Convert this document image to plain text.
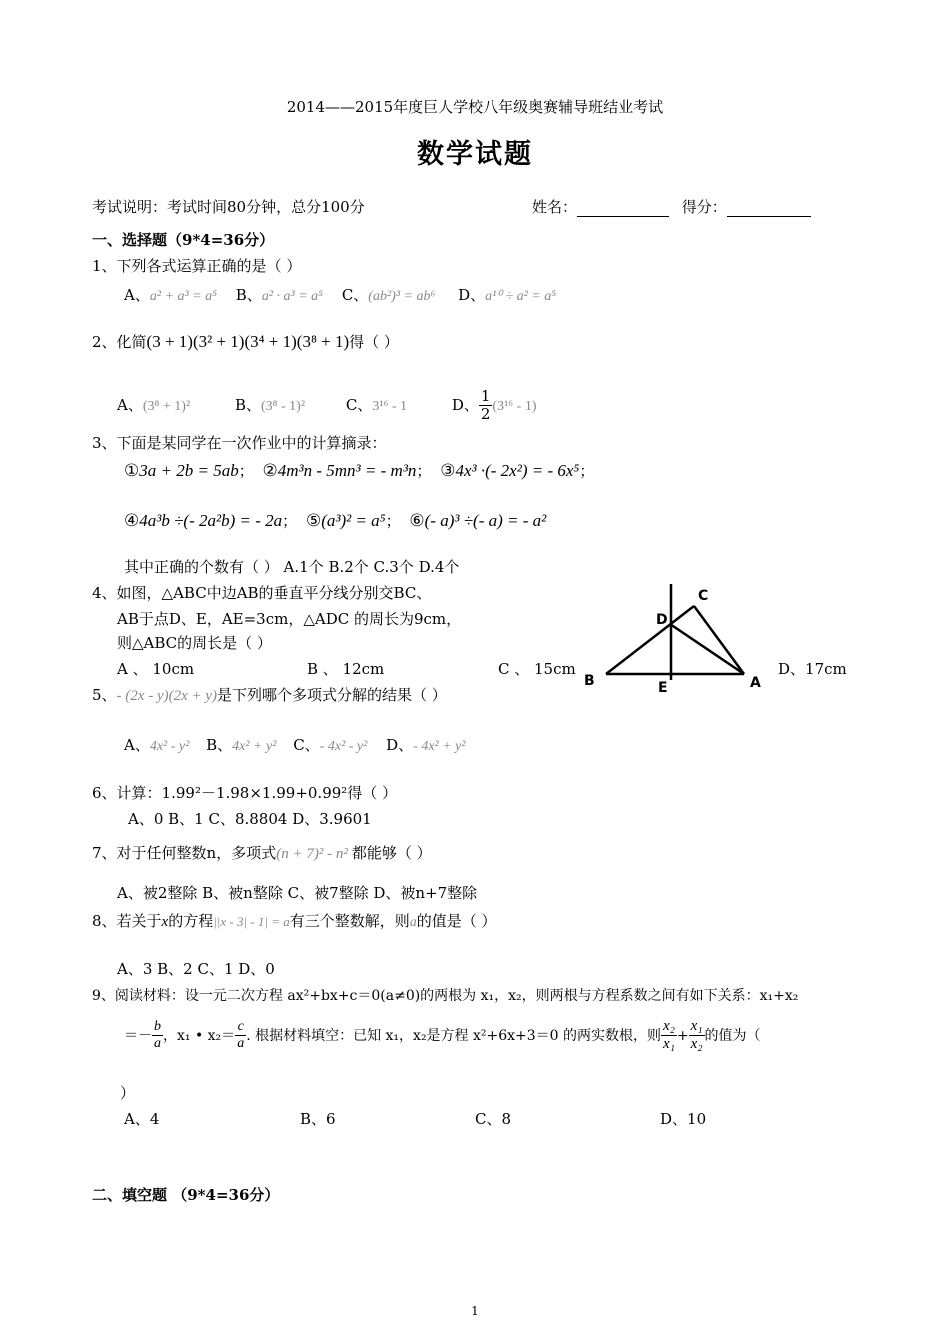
2014——2015年度巨人学校八年级奥赛辅导班结业考试
数学试题
考试说明：考试时间80分钟，总分100分	姓名：	得分：
一、选择题（9*4=36分）
1、下列各式运算正确的是（ ）
A、a² + a³ = a⁵ B、a² · a³ = a⁵ C、(ab²)³ = ab⁶ D、a¹⁰ ÷ a² = a⁵
2、化简(3 + 1)(3² + 1)(3⁴ + 1)(3⁸ + 1)得（ ）
A、(3⁸ + 1)²	B、(3⁸ - 1)²	C、3¹⁶ - 1	D、 $\frac{1}{2} (3^{16} - 1)$
3、下面是某同学在一次作业中的计算摘录：
①3a + 2b = 5ab； ②4m³n - 5mn³ = - m³n； ③4x³ ·(- 2x²) = - 6x⁵；
④4a³b ÷(- 2a²b) = - 2a； ⑤(a³)² = a⁵； ⑥(- a)³ ÷(- a) = - a²
其中正确的个数有（ ） A.1个 B.2个 C.3个 D.4个
4、如图，△ABC中边AB的垂直平分线分别交BC、
AB于点D、E，AE=3cm，△ADC 的周长为9cm，
则△ABC的周长是（ ）
A 、 10cm	B 、 12cm	C 、 15cm	D、17cm
C
D
B	E	A
5、- (2x - y)(2x + y)是下列哪个多项式分解的结果（ ）
A、4x² - y² B、4x² + y² C、- 4x² - y² D、- 4x² + y²
6、计算：1.99²－1.98×1.99+0.99²得（ ）
A、0 B、1 C、8.8804 D、3.9601
7、对于任何整数n，多项式(n + 7)² - n² 都能够（ ）
A、被2整除 B、被n整除 C、被7整除 D、被n+7整除
8、若关于x的方程||x - 3| - 1| = a有三个整数解，则a的值是（ ）
A、3 B、2 C、1 D、0
9、阅读材料：设一元二次方程 ax²+bx+c＝0(a≠0)的两根为 x₁，x₂，则两根与方程系数之间有如下关系：x₁+x₂
＝－ $\frac{b}{a}$ ，x₁ • $x_2= \frac{c}{a}$ . 根据材料填空：已知 x₁，x₂是方程 x²+6x+3＝0 的两实数根，则 $\frac{\text{x₂}}{\text{x₁}} + \frac{\text{x₁}}{\text{x₂}}$ 的值为（
）
A、4	B、6	C、8	D、10
二、填空题 （9*4=36分）
1
